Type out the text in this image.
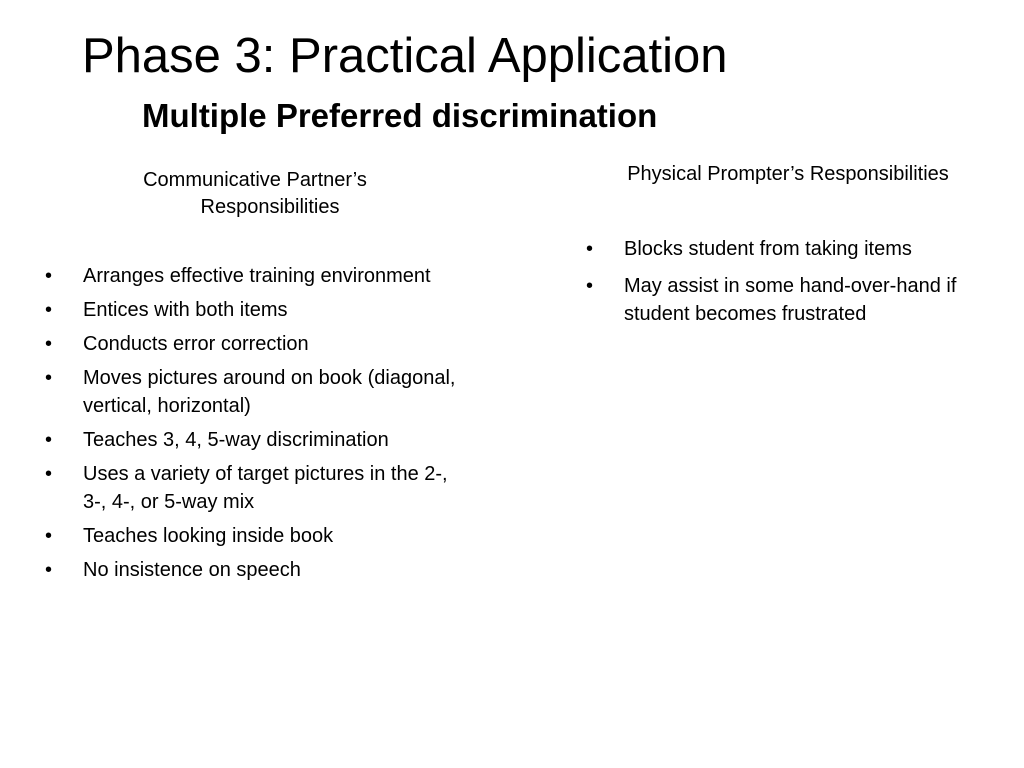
Phase 3: Practical Application
Multiple Preferred discrimination
Communicative Partner’s
Responsibilities
• Arranges effective training environment
• Entices with both items
• Conducts error correction
• Moves pictures around on book (diagonal, vertical, horizontal)
• Teaches 3, 4, 5-way discrimination
• Uses a variety of target pictures in the 2-, 3-, 4-, or 5-way mix
• Teaches looking inside book
• No insistence on speech
Physical Prompter’s Responsibilities
• Blocks student from taking items
• May assist in some hand-over-hand if student becomes frustrated
